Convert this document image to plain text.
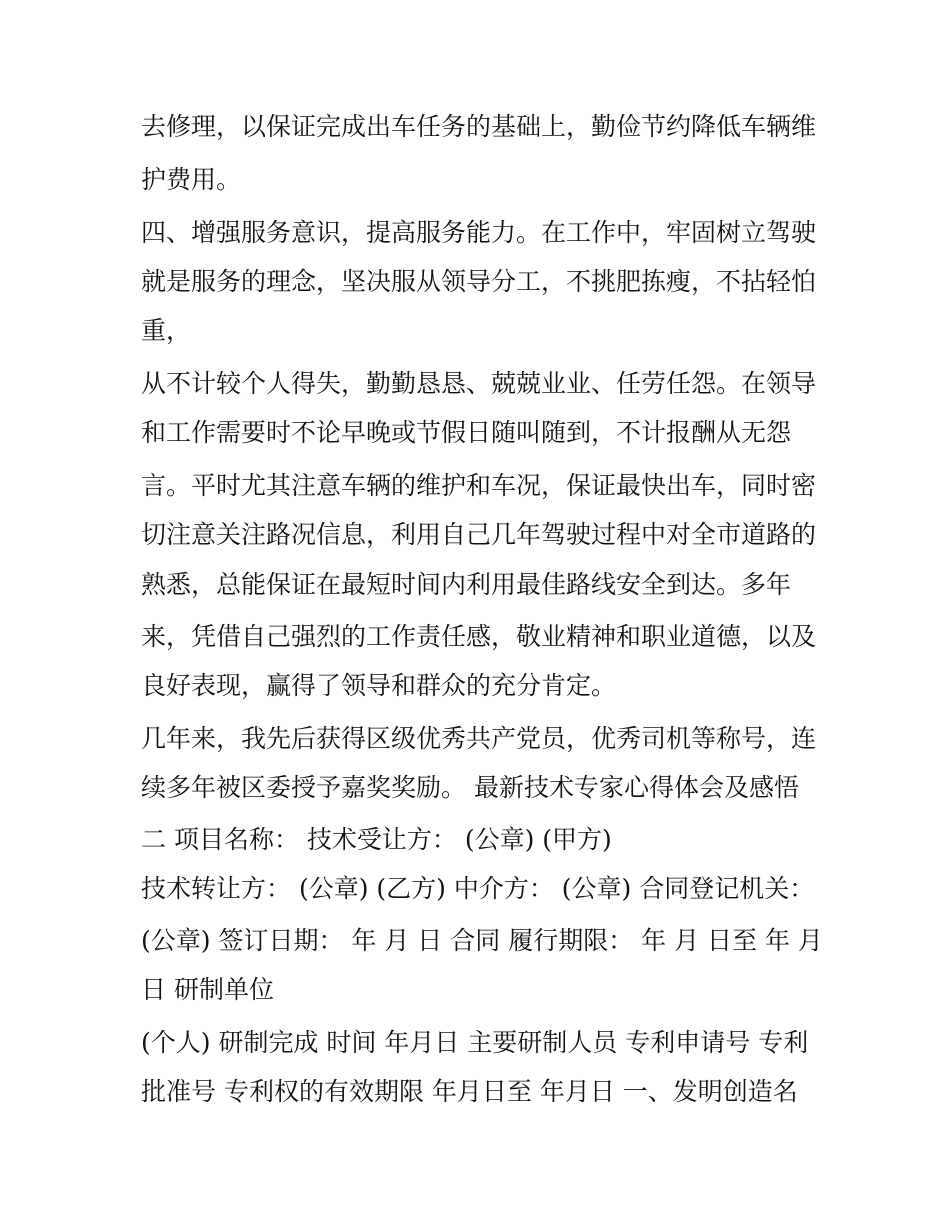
去修理，以保证完成出车任务的基础上，勤俭节约降低车辆维
护费用。
四、增强服务意识，提高服务能力。在工作中，牢固树立驾驶
就是服务的理念，坚决服从领导分工，不挑肥拣瘦，不拈轻怕
重，
从不计较个人得失，勤勤恳恳、兢兢业业、任劳任怨。在领导
和工作需要时不论早晚或节假日随叫随到，不计报酬从无怨
言。平时尤其注意车辆的维护和车况，保证最快出车，同时密
切注意关注路况信息，利用自己几年驾驶过程中对全市道路的
熟悉，总能保证在最短时间内利用最佳路线安全到达。多年
来，凭借自己强烈的工作责任感，敬业精神和职业道德，以及
良好表现，赢得了领导和群众的充分肯定。
几年来，我先后获得区级优秀共产党员，优秀司机等称号，连
续多年被区委授予嘉奖奖励。 最新技术专家心得体会及感悟
二 项目名称： 技术受让方： (公章) (甲方)
技术转让方： (公章) (乙方) 中介方： (公章) 合同登记机关：
(公章) 签订日期： 年 月 日 合同 履行期限： 年 月 日至 年 月
日 研制单位
(个人) 研制完成 时间 年月日 主要研制人员 专利申请号 专利
批准号 专利权的有效期限 年月日至 年月日 一、发明创造名
